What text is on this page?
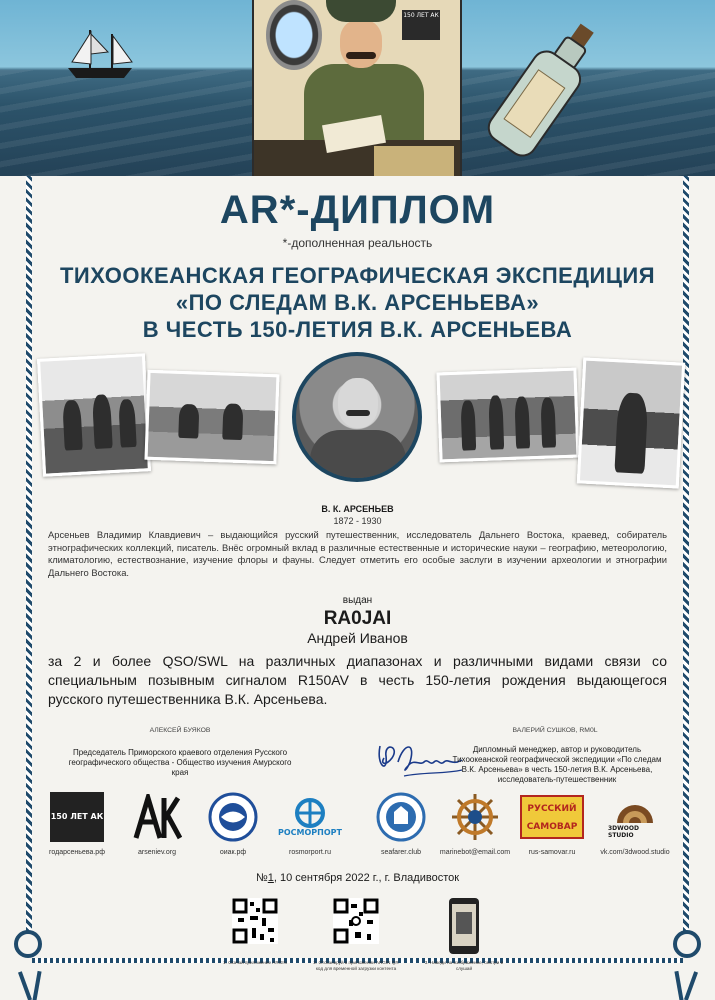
150 ЛЕТ АК
AR*-ДИПЛОМ
*-дополненная реальность
ТИХООКЕАНСКАЯ ГЕОГРАФИЧЕСКАЯ ЭКСПЕДИЦИЯ
«ПО СЛЕДАМ В.К. АРСЕНЬЕВА»
В ЧЕСТЬ 150-ЛЕТИЯ В.К. АРСЕНЬЕВА
В. К. АРСЕНЬЕВ
1872 - 1930
Арсеньев Владимир Клавдиевич – выдающийся русский путешественник, исследователь Дальнего Востока, краевед, собиратель этнографических коллекций, писатель. Внёс огромный вклад в различные естественные и исторические науки – географию, метеорологию, климатологию, естествознание, изучение флоры и фауны. Следует отметить его особые заслуги в изучении археологии и этнографии Дальнего Востока.
выдан
RA0JAI
Андрей Иванов
за 2 и более QSO/SWL на различных диапазонах и различными видами связи со специальным позывным сигналом R150AV в честь 150-летия рождения выдающегося русского путешественника В.К. Арсеньева.
АЛЕКСЕЙ БУЯКОВ
Председатель Приморского краевого отделения Русского географического общества - Общество изучения Амурского края
ВАЛЕРИЙ СУШКОВ, RM0L
Дипломный менеджер, автор и руководитель Тихоокеанской географической экспедиции «По следам В.К. Арсеньева» в честь 150-летия В.К. Арсеньева, исследователь-путешественник
150 ЛЕТ АК
РОСМОРПОРТ
РУССКИЙ САМОВАР	3DWOOD STUDIO
годарсеньева.рф	arseniev.org	оиак.рф	rosmorport.ru	seafarer.club	marinebot@email.com	rus-samovar.ru	vk.com/3dwood.studio
№1, 10 сентября 2022 г., г. Владивосток
1. Скачай приложение ARGIN	2. Отсканируй в приложении ARGIN QR код для временной загрузки контента
3. Наведи на изображение, смотри и слушай
